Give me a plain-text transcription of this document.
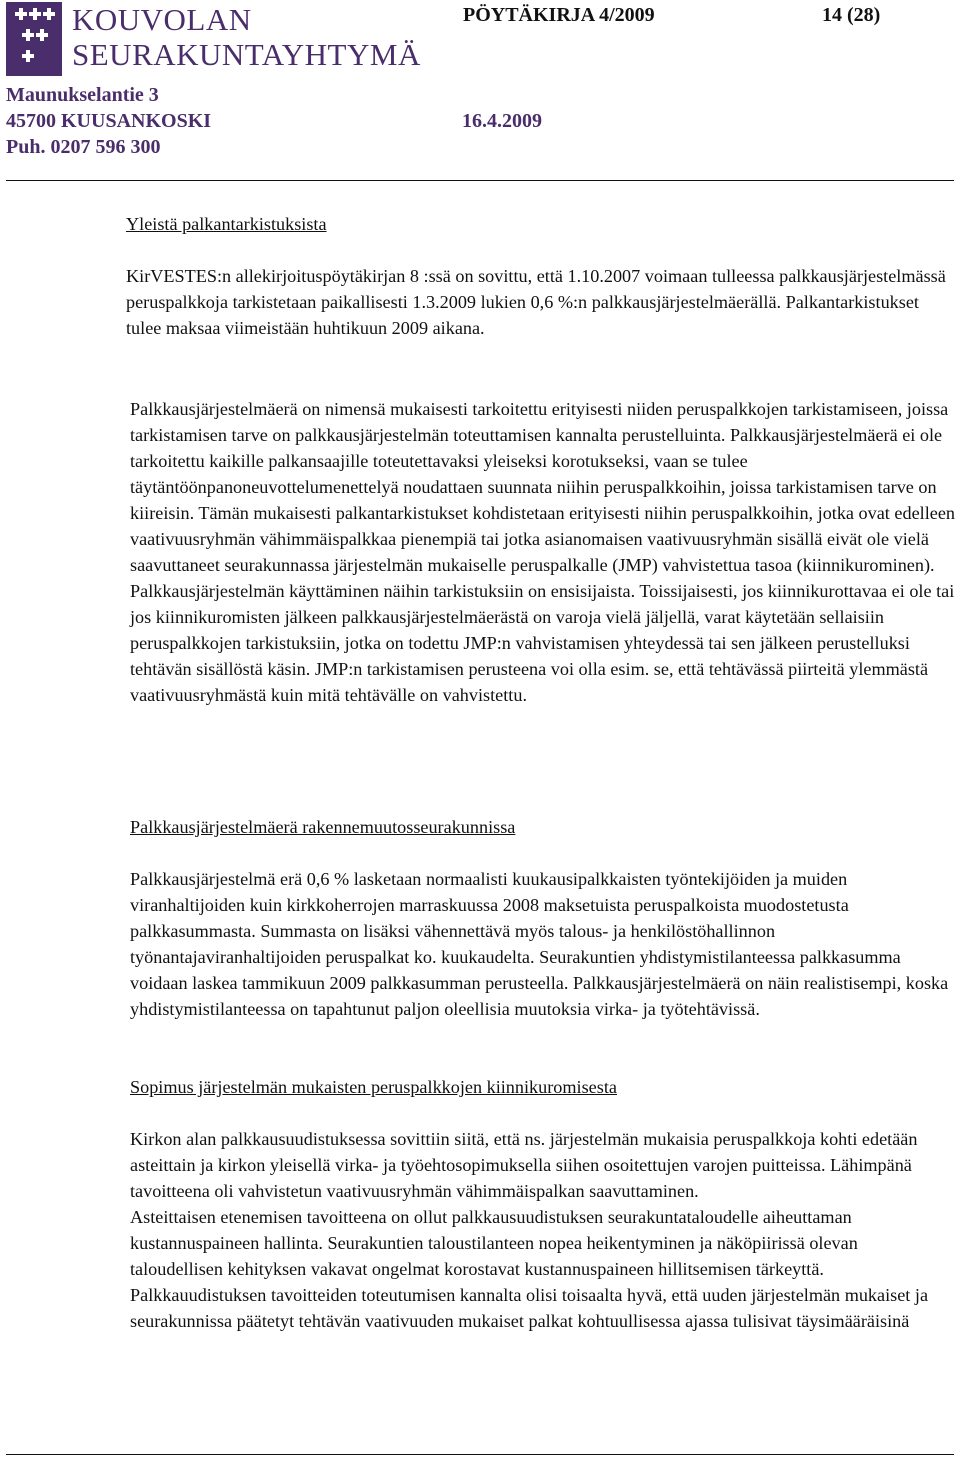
KOUVOLAN
SEURAKUNTAYHTYMÄ
PÖYTÄKIRJA 4/2009	14 (28)
Maunukselantie 3
45700 KUUSANKOSKI
Puh. 0207 596 300
16.4.2009

Yleistä palkantarkistuksista

KirVESTES:n allekirjoituspöytäkirjan 8 :ssä on sovittu, että 1.10.2007 voimaan tulleessa palkkausjärjestelmässä peruspalkkoja tarkistetaan paikallisesti 1.3.2009 lukien 0,6 %:n palkkausjärjestelmäerällä. Palkantarkistukset tulee maksaa viimeistään huhtikuun 2009 aikana.

Palkkausjärjestelmäerä on nimensä mukaisesti tarkoitettu erityisesti niiden peruspalkkojen tarkistamiseen, joissa tarkistamisen tarve on palkkausjärjestelmän toteuttamisen kannalta perustelluinta. Palkkausjärjestelmäerä ei ole tarkoitettu kaikille palkansaajille toteutettavaksi yleiseksi korotukseksi, vaan se tulee täytäntöönpanoneuvottelumenettelyä noudattaen suunnata niihin peruspalkkoihin, joissa tarkistamisen tarve on kiireisin. Tämän mukaisesti palkantarkistukset kohdistetaan erityisesti niihin peruspalkkoihin, jotka ovat edelleen vaativuusryhmän vähimmäispalkkaa pienempiä tai jotka asianomaisen vaativuusryhmän sisällä eivät ole vielä saavuttaneet seurakunnassa järjestelmän mukaiselle peruspalkalle (JMP) vahvistettua tasoa (kiinnikurominen). Palkkausjärjestelmän käyttäminen näihin tarkistuksiin on ensisijaista. Toissijaisesti, jos kiinnikurottavaa ei ole tai jos kiinnikuromisten jälkeen palkkausjärjestelmäerästä on varoja vielä jäljellä, varat käytetään sellaisiin peruspalkkojen tarkistuksiin, jotka on todettu JMP:n vahvistamisen yhteydessä tai sen jälkeen perustelluksi tehtävän sisällöstä käsin. JMP:n tarkistamisen perusteena voi olla esim. se, että tehtävässä piirteitä ylemmästä vaativuusryhmästä kuin mitä tehtävälle on vahvistettu.

Palkkausjärjestelmäerä rakennemuutosseurakunnissa

Palkkausjärjestelmä erä 0,6 % lasketaan normaalisti kuukausipalkkaisten työntekijöiden ja muiden viranhaltijoiden kuin kirkkoherrojen marraskuussa 2008 maksetuista peruspalkoista muodostetusta palkkasummasta. Summasta on lisäksi vähennettävä myös talous- ja henkilöstöhallinnon työnantajaviranhaltijoiden peruspalkat ko. kuukaudelta. Seurakuntien yhdistymistilanteessa palkkasumma voidaan laskea tammikuun 2009 palkkasumman perusteella. Palkkausjärjestelmäerä on näin realistisempi, koska yhdistymistilanteessa on tapahtunut paljon oleellisia muutoksia virka- ja työtehtävissä.

Sopimus järjestelmän mukaisten peruspalkkojen kiinnikuromisesta

Kirkon alan palkkausuudistuksessa sovittiin siitä, että ns. järjestelmän mukaisia peruspalkkoja kohti edetään asteittain ja kirkon yleisellä virka- ja työehtosopimuksella siihen osoitettujen varojen puitteissa. Lähimpänä tavoitteena oli vahvistetun vaativuusryhmän vähimmäispalkan saavuttaminen.

Asteittaisen etenemisen tavoitteena on ollut palkkausuudistuksen seurakuntataloudelle aiheuttaman kustannuspaineen hallinta. Seurakuntien taloustilanteen nopea heikentyminen ja näköpiirissä olevan taloudellisen kehityksen vakavat ongelmat korostavat kustannuspaineen hillitsemisen tärkeyttä. Palkkauudistuksen tavoitteiden toteutumisen kannalta olisi toisaalta hyvä, että uuden järjestelmän mukaiset ja seurakunnissa päätetyt tehtävän vaativuuden mukaiset palkat kohtuullisessa ajassa tulisivat täysimääräisinä
